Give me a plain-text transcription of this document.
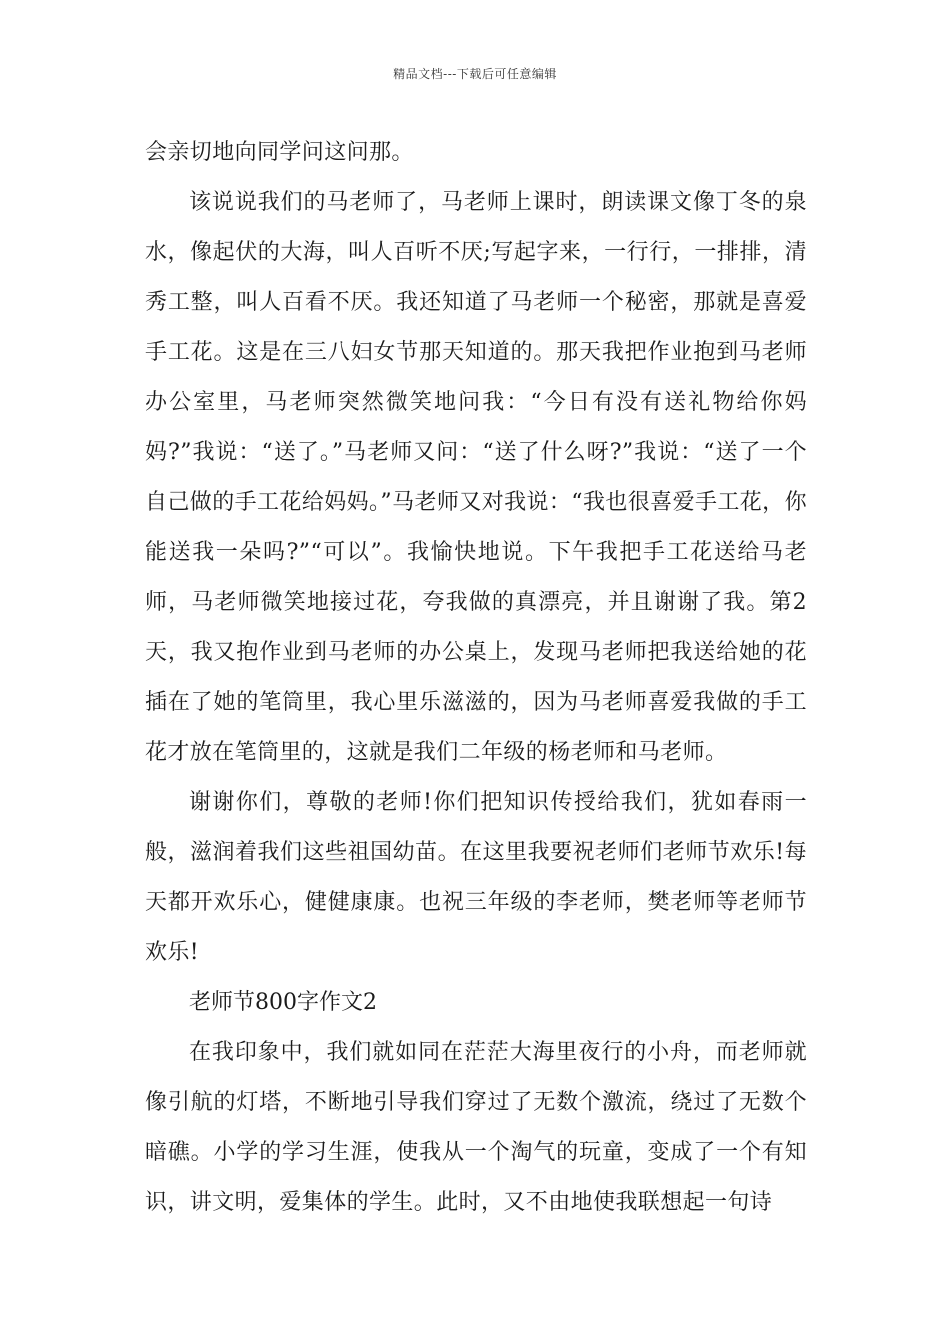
精品文档---下载后可任意编辑

会亲切地向同学问这问那。

该说说我们的马老师了，马老师上课时，朗读课文像丁冬的泉水，像起伏的大海，叫人百听不厌;写起字来，一行行，一排排，清秀工整，叫人百看不厌。我还知道了马老师一个秘密，那就是喜爱手工花。这是在三八妇女节那天知道的。那天我把作业抱到马老师办公室里，马老师突然微笑地问我：“今日有没有送礼物给你妈妈?”我说：“送了。”马老师又问：“送了什么呀?”我说：“送了一个自己做的手工花给妈妈。”马老师又对我说：“我也很喜爱手工花，你能送我一朵吗?”“可以”。我愉快地说。下午我把手工花送给马老师，马老师微笑地接过花，夸我做的真漂亮，并且谢谢了我。第2天，我又抱作业到马老师的办公桌上，发现马老师把我送给她的花插在了她的笔筒里，我心里乐滋滋的，因为马老师喜爱我做的手工花才放在笔筒里的，这就是我们二年级的杨老师和马老师。

谢谢你们，尊敬的老师!你们把知识传授给我们，犹如春雨一般，滋润着我们这些祖国幼苗。在这里我要祝老师们老师节欢乐!每天都开欢乐心，健健康康。也祝三年级的李老师，樊老师等老师节欢乐!

老师节800字作文2

在我印象中，我们就如同在茫茫大海里夜行的小舟，而老师就像引航的灯塔，不断地引导我们穿过了无数个激流，绕过了无数个暗礁。小学的学习生涯，使我从一个淘气的玩童，变成了一个有知识，讲文明，爱集体的学生。此时，又不由地使我联想起一句诗
